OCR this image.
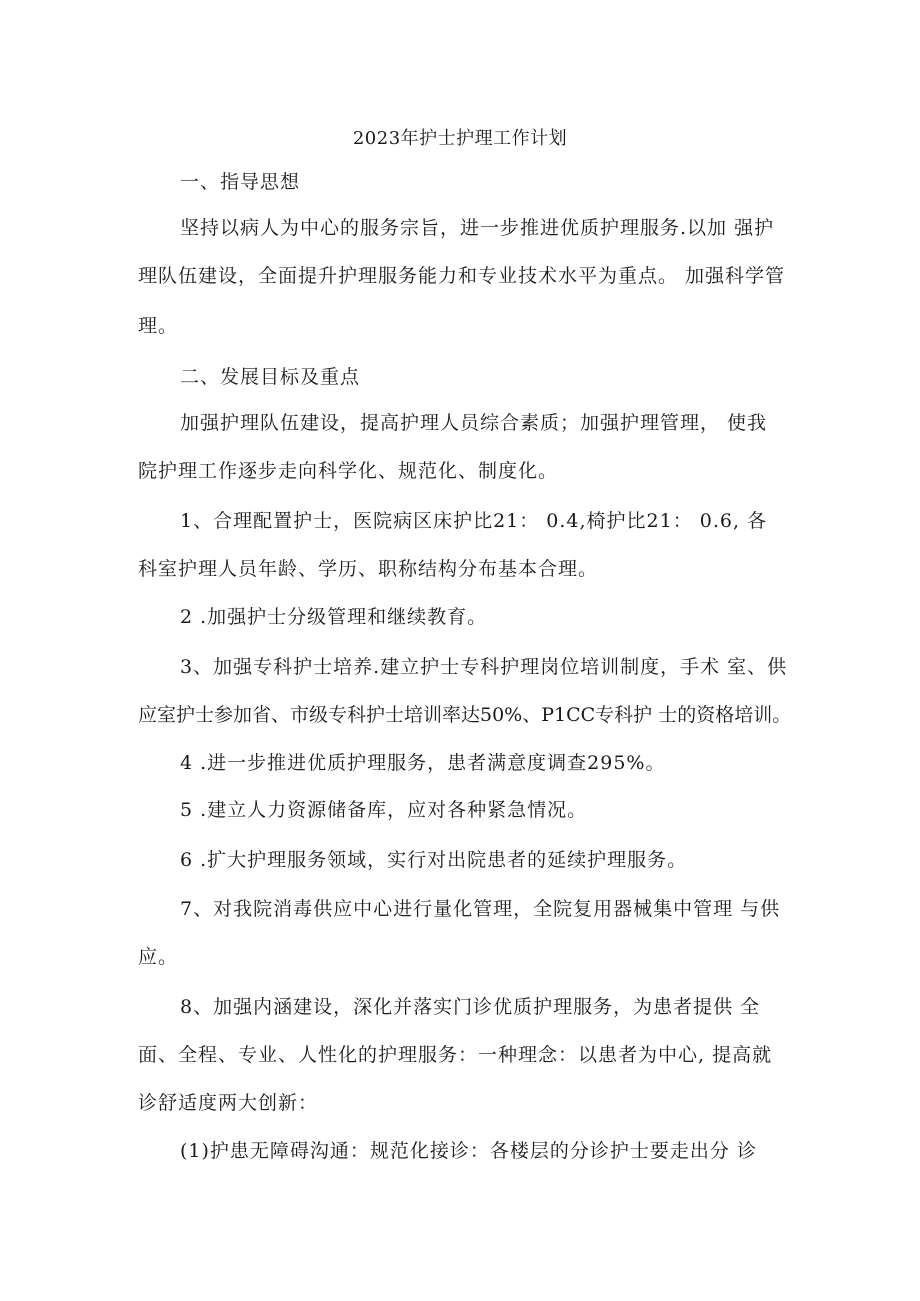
2023年护士护理工作计划
一、指导思想
坚持以病人为中心的服务宗旨，进一步推进优质护理服务.以加 强护
理队伍建设，全面提升护理服务能力和专业技术水平为重点。 加强科学管
理。
二、发展目标及重点
加强护理队伍建设，提高护理人员综合素质；加强护理管理， 使我
院护理工作逐步走向科学化、规范化、制度化。
1、合理配置护士，医院病区床护比21： 0.4,椅护比21： 0.6, 各
科室护理人员年龄、学历、职称结构分布基本合理。
2 .加强护士分级管理和继续教育。
3、加强专科护士培养.建立护士专科护理岗位培训制度，手术 室、供
应室护士参加省、市级专科护士培训率达50%、P1CC专科护 士的资格培训。
4 .进一步推进优质护理服务，患者满意度调查295%。
5 .建立人力资源储备库，应对各种紧急情况。
6 .扩大护理服务领域，实行对出院患者的延续护理服务。
7、对我院消毒供应中心进行量化管理，全院复用器械集中管理 与供
应。
8、加强内涵建设，深化并落实门诊优质护理服务，为患者提供 全
面、全程、专业、人性化的护理服务：一种理念：以患者为中心, 提高就
诊舒适度两大创新：
(1)护患无障碍沟通：规范化接诊：各楼层的分诊护士要走出分 诊
